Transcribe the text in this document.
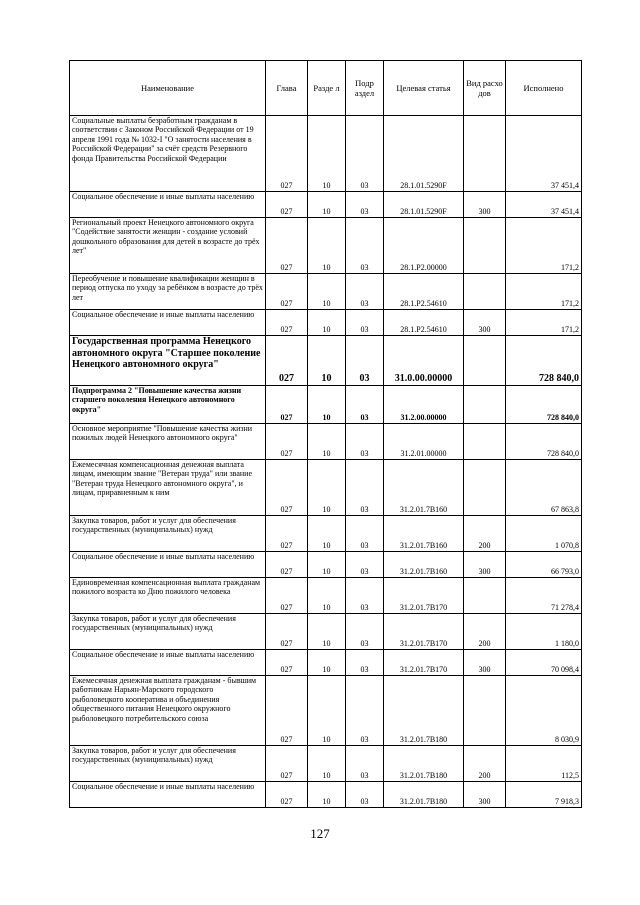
Наименование	Глава	Разде л	Подр аздел	Целевая статья	Вид расхо дов	Исполнено
Социальные выплаты безработным гражданам в соответствии с Законом Российской Федерации от 19 апреля 1991 года № 1032-I "О занятости населения в Российской Федерации" за счёт средств Резервного фонда Правительства Российской Федерации	027	10	03	28.1.01.5290F		37 451,4
Социальное обеспечение и иные выплаты населению	027	10	03	28.1.01.5290F	300	37 451,4
Региональный проект Ненецкого автономного округа "Содействие занятости женщин - создание условий дошкольного образования для детей в возрасте до трёх лет"	027	10	03	28.1.P2.00000		171,2
Переобучение и повышение квалификации женщин в период отпуска по уходу за ребёнком в возрасте до трёх лет	027	10	03	28.1.P2.54610		171,2
Социальное обеспечение и иные выплаты населению	027	10	03	28.1.P2.54610	300	171,2
Государственная программа Ненецкого автономного округа "Старшее поколение Ненецкого автономного округа"	027	10	03	31.0.00.00000		728 840,0
Подпрограмма 2 "Повышение качества жизни старшего поколения Ненецкого автономного округа"	027	10	03	31.2.00.00000		728 840,0
Основное мероприятие "Повышение качества жизни пожилых людей Ненецкого автономного округа"	027	10	03	31.2.01.00000		728 840,0
Ежемесячная компенсационная денежная выплата лицам, имеющим звание "Ветеран труда" или звание "Ветеран труда Ненецкого автономного округа", и лицам, приравненным к ним	027	10	03	31.2.01.7В160		67 863,8
Закупка товаров, работ и услуг для обеспечения государственных (муниципальных) нужд	027	10	03	31.2.01.7В160	200	1 070,8
Социальное обеспечение и иные выплаты населению	027	10	03	31.2.01.7В160	300	66 793,0
Единовременная компенсационная выплата гражданам пожилого возраста ко Дню пожилого человека	027	10	03	31.2.01.7В170		71 278,4
Закупка товаров, работ и услуг для обеспечения государственных (муниципальных) нужд	027	10	03	31.2.01.7В170	200	1 180,0
Социальное обеспечение и иные выплаты населению	027	10	03	31.2.01.7В170	300	70 098,4
Ежемесячная денежная выплата гражданам - бывшим работникам Нарьян-Марского городского рыболовецкого кооператива и объединения общественного питания Ненецкого окружного рыболовецкого потребительского союза	027	10	03	31.2.01.7В180		8 030,9
Закупка товаров, работ и услуг для обеспечения государственных (муниципальных) нужд	027	10	03	31.2.01.7В180	200	112,5
Социальное обеспечение и иные выплаты населению	027	10	03	31.2.01.7В180	300	7 918,3
127
